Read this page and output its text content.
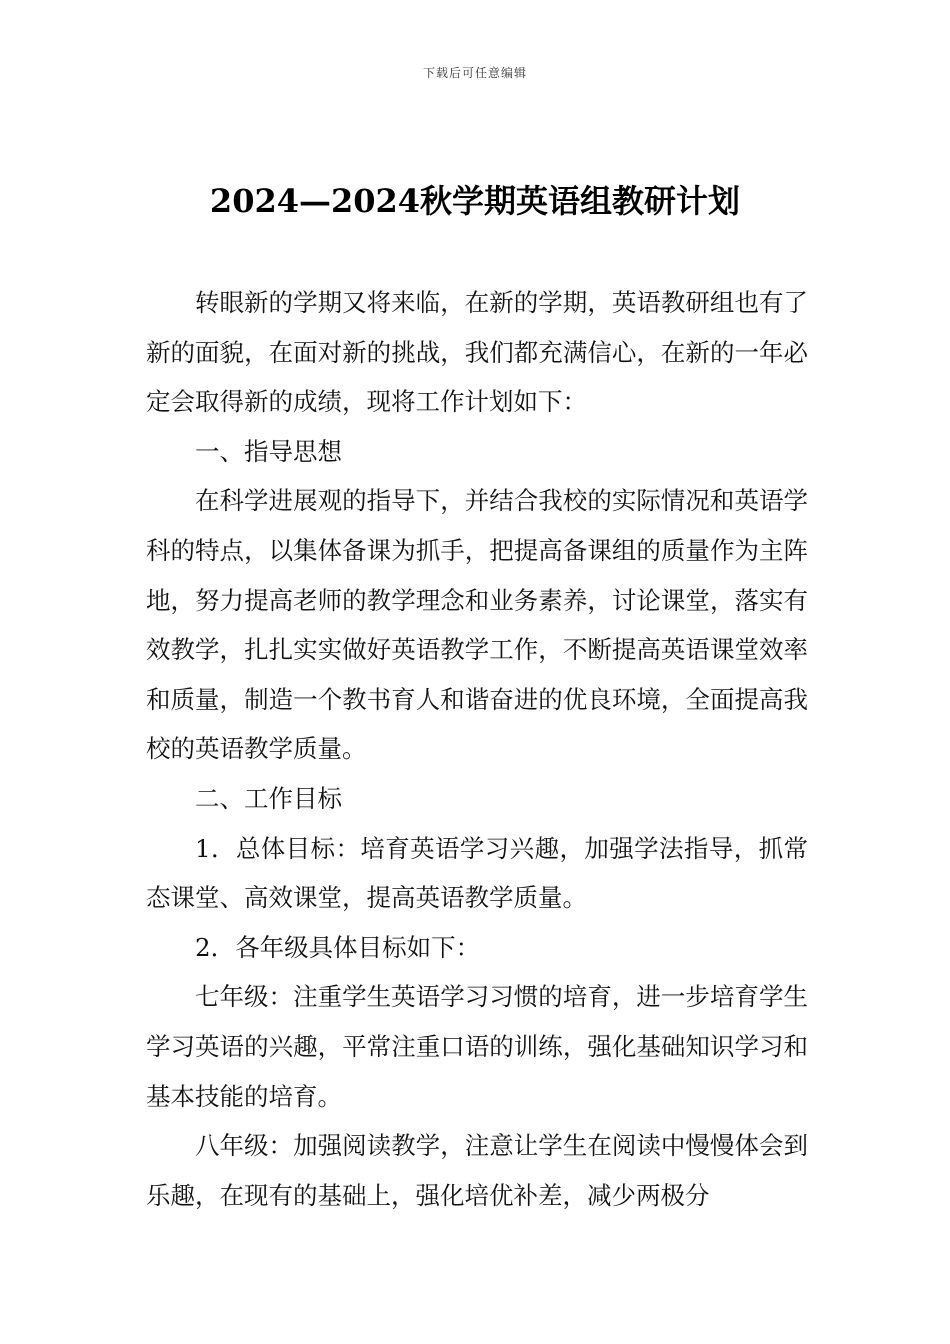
下载后可任意编辑
2024—2024秋学期英语组教研计划

转眼新的学期又将来临，在新的学期，英语教研组也有了新的面貌，在面对新的挑战，我们都充满信心，在新的一年必定会取得新的成绩，现将工作计划如下：

一、指导思想

在科学进展观的指导下，并结合我校的实际情况和英语学科的特点，以集体备课为抓手，把提高备课组的质量作为主阵地，努力提高老师的教学理念和业务素养，讨论课堂，落实有效教学，扎扎实实做好英语教学工作，不断提高英语课堂效率和质量，制造一个教书育人和谐奋进的优良环境，全面提高我校的英语教学质量。

二、工作目标

1．总体目标：培育英语学习兴趣，加强学法指导，抓常态课堂、高效课堂，提高英语教学质量。

2．各年级具体目标如下：

七年级：注重学生英语学习习惯的培育，进一步培育学生学习英语的兴趣，平常注重口语的训练，强化基础知识学习和基本技能的培育。

八年级：加强阅读教学，注意让学生在阅读中慢慢体会到乐趣，在现有的基础上，强化培优补差，减少两极分
